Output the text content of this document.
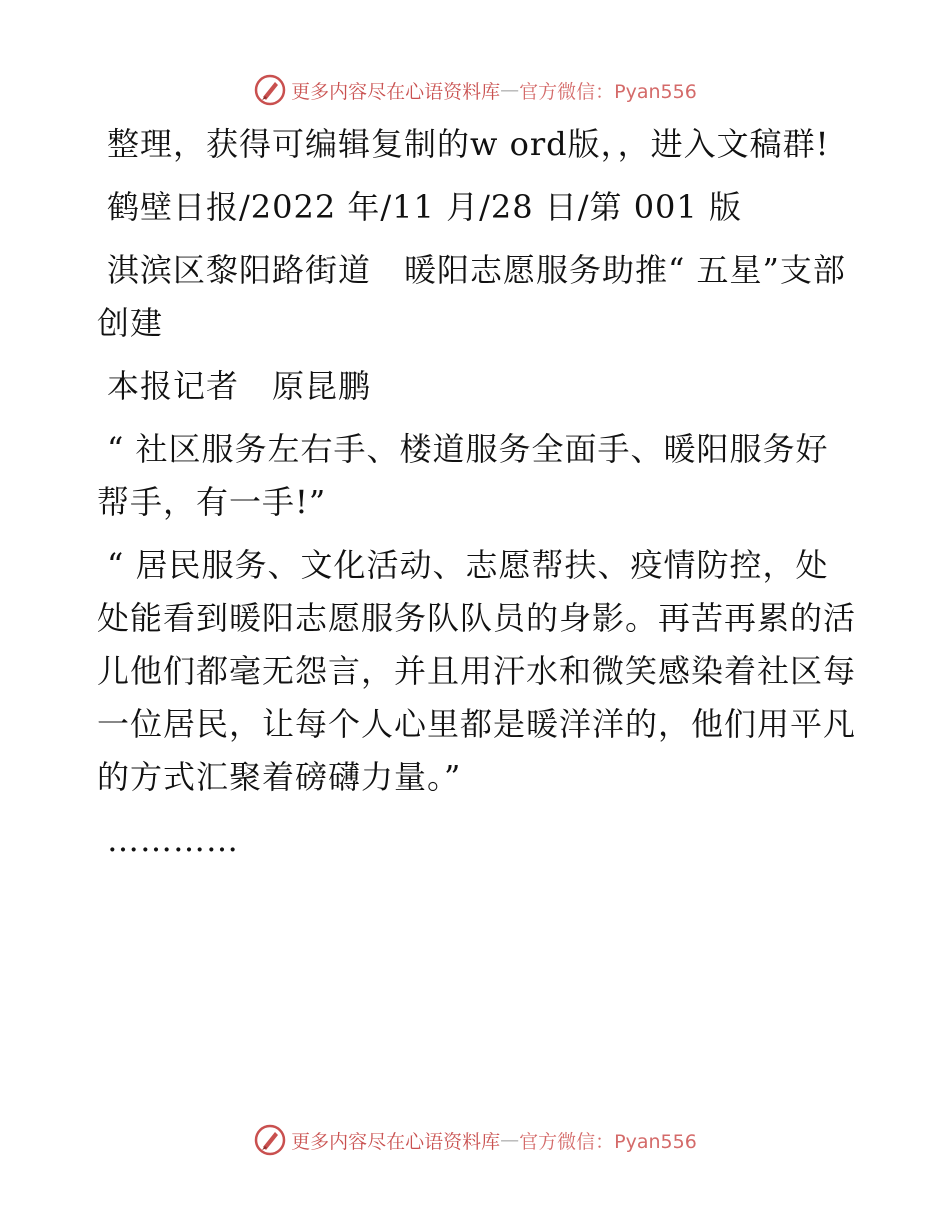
更多内容尽在心语资料库 — 官方微信：Pyan556

整理，获得可编辑复制的w ord版，，进入文稿群!

鹤壁日报/2022 年/11 月/28 日/第 001 版

淇滨区黎阳路街道　暖阳志愿服务助推“ 五星”支部创建

本报记者　原昆鹏

“ 社区服务左右手、楼道服务全面手、暖阳服务好帮手，有一手!”

“ 居民服务、文化活动、志愿帮扶、疫情防控，处处能看到暖阳志愿服务队队员的身影。再苦再累的活儿他们都毫无怨言，并且用汗水和微笑感染着社区每一位居民，让每个人心里都是暖洋洋的，他们用平凡的方式汇聚着磅礴力量。”

…………

更多内容尽在心语资料库 — 官方微信：Pyan556
